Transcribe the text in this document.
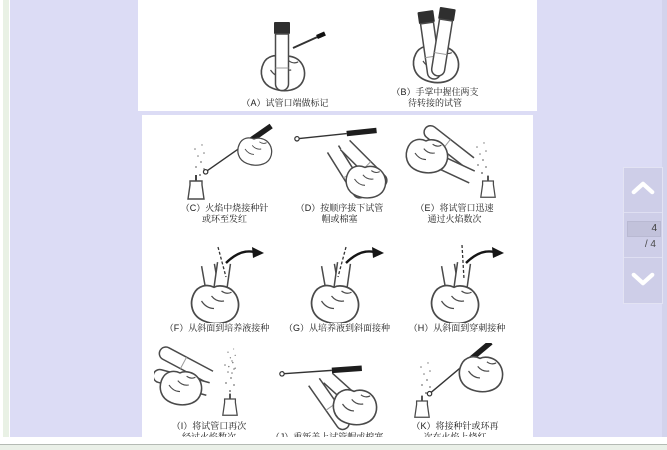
（A）试管口端做标记
（B）手掌中握住两支
待转接的试管
（C）火焰中烧接种针
或环至发红
（D）按顺序拔下试管
帽或棉塞
（E）将试管口迅速
通过火焰数次
（F）从斜面到培养液接种 （G）从培养液到斜面接种 （H）从斜面到穿刺接种
（I）将试管口再次	（K）将接种针或环再
4
/ 4
